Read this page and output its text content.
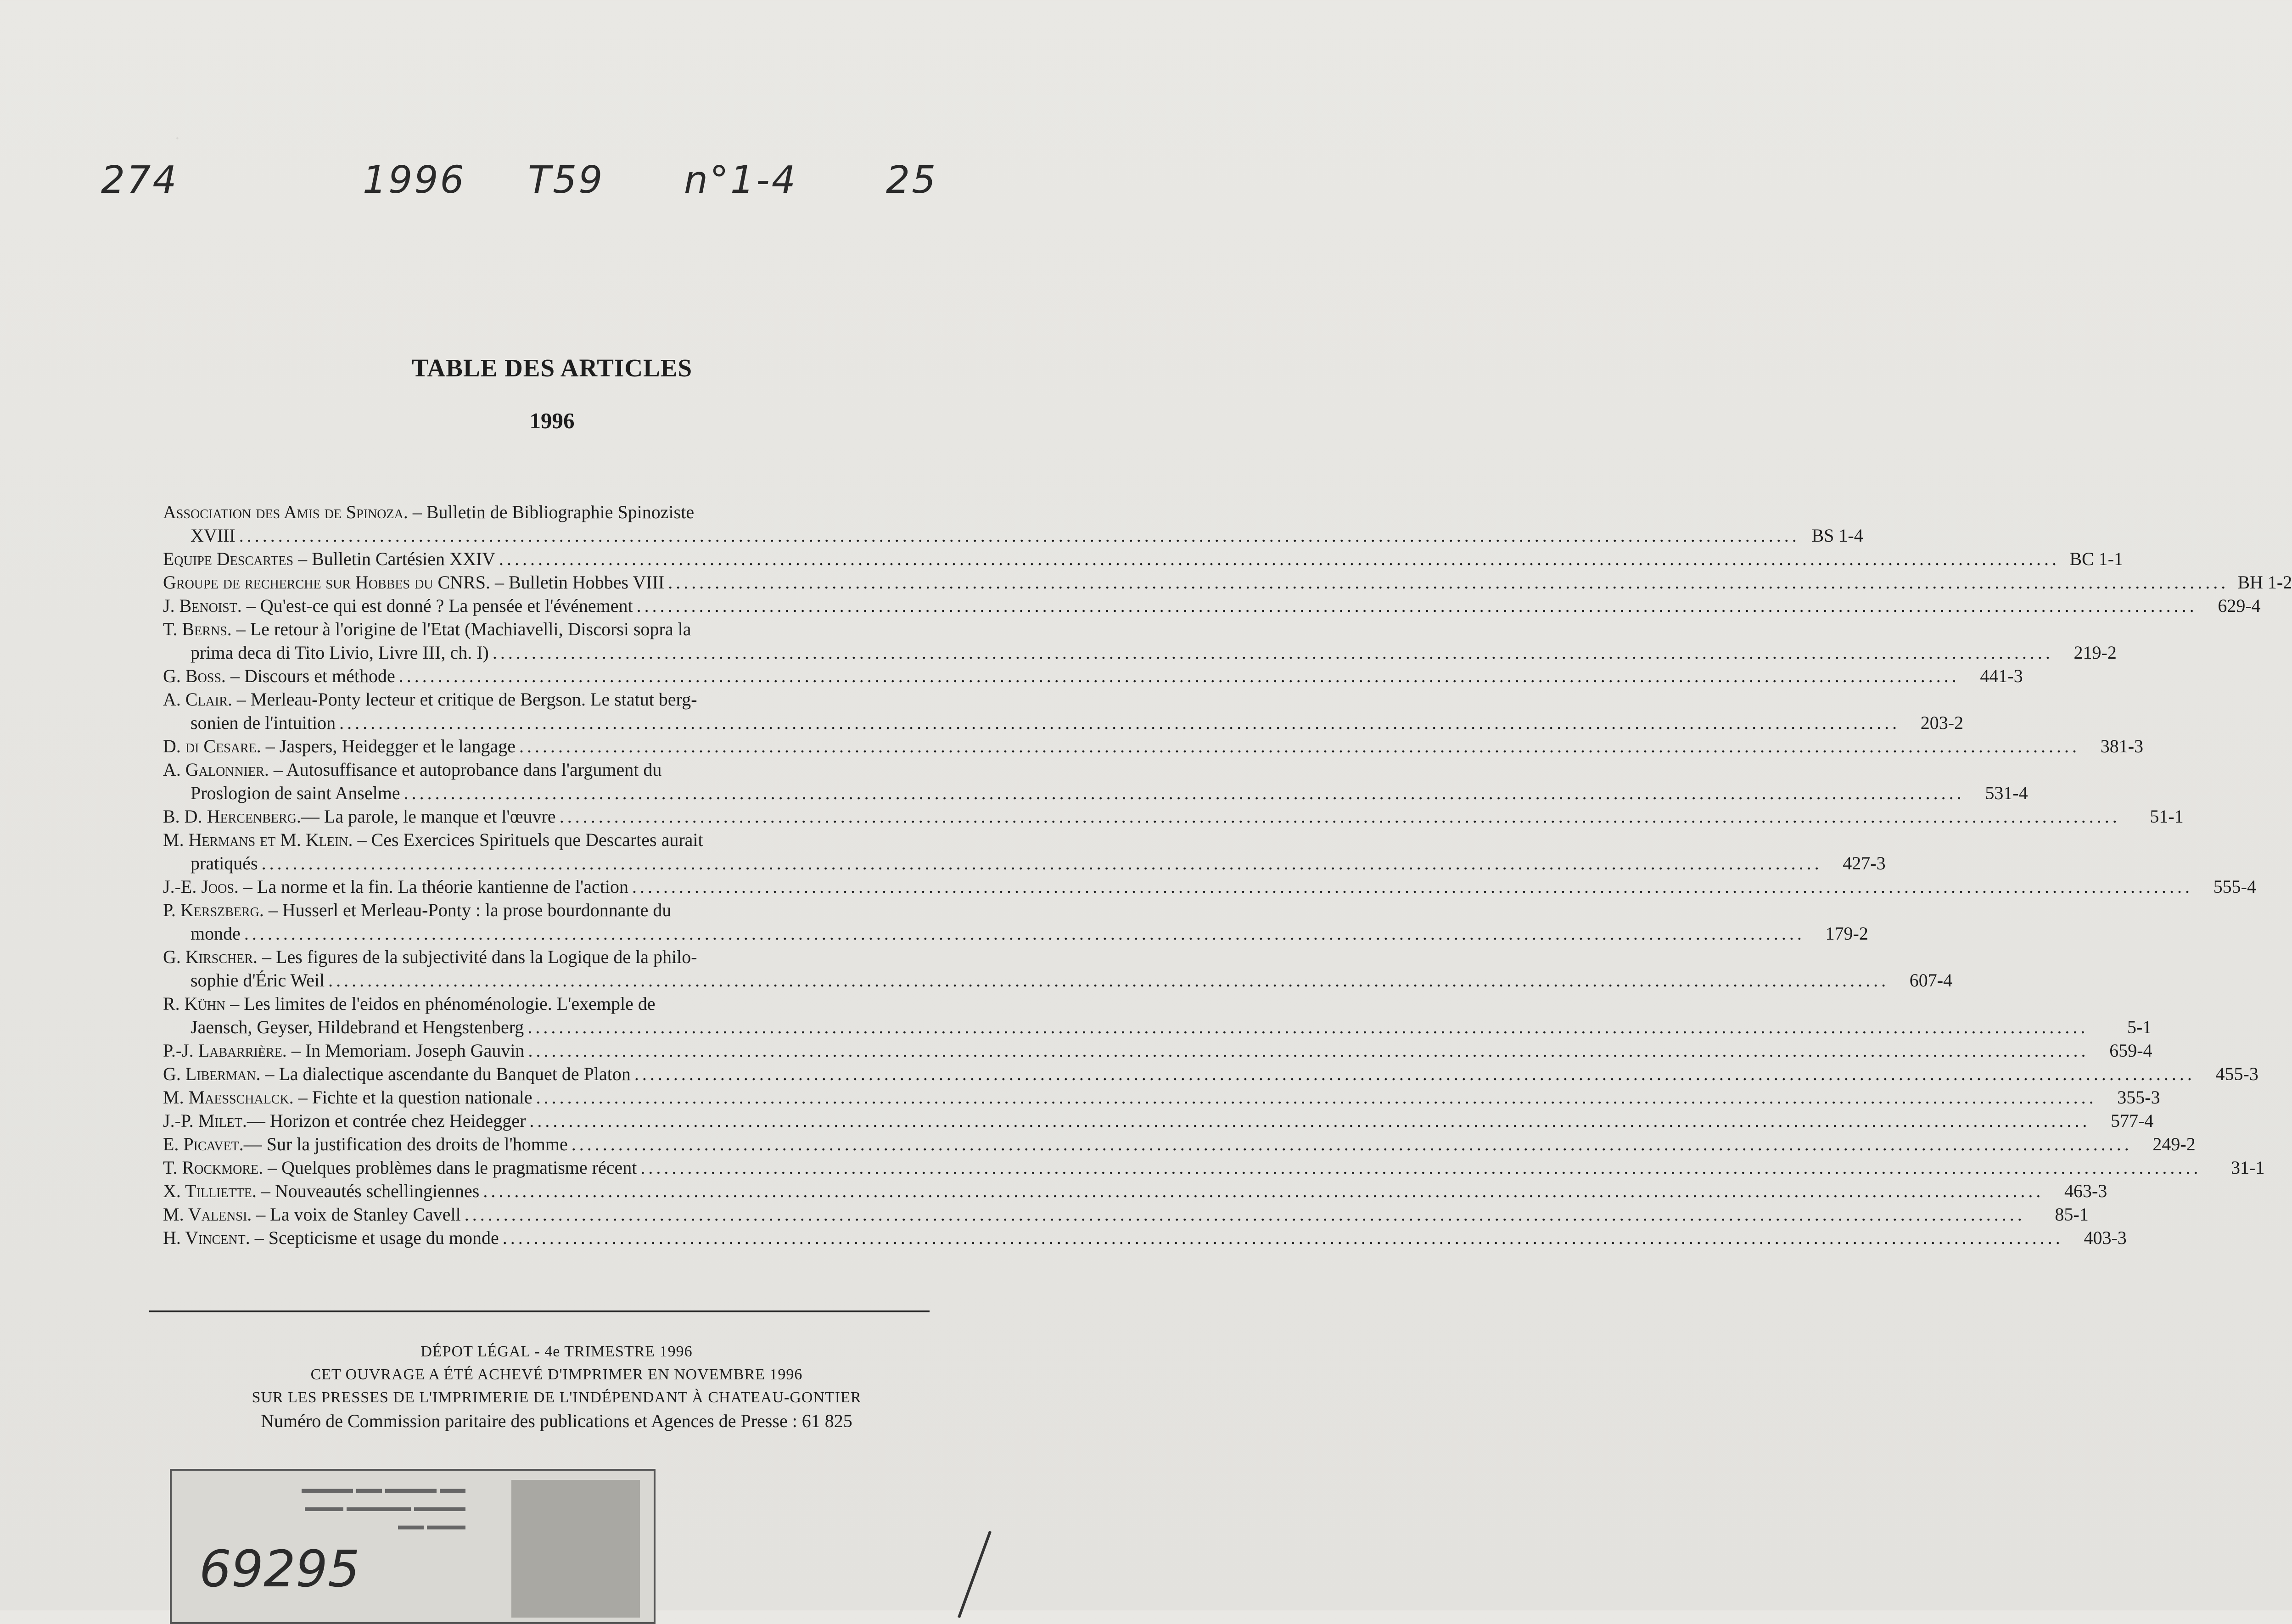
·
274	1996 T59 n°1-4 25
TABLE DES ARTICLES
1996
Association des Amis de Spinoza. – Bulletin de Bibliographie Spinoziste
XVIII ........................................................................................................................................................................................................ BS 1-4
Equipe Descartes – Bulletin Cartésien XXIV ........................................................................................................................................................................................................ BC 1-1
Groupe de recherche sur Hobbes du CNRS. – Bulletin Hobbes VIII ........................................................................................................................................................................................................ BH 1-2
J. Benoist. – Qu'est-ce qui est donné ? La pensée et l'événement ........................................................................................................................................................................................................	629-4
T. Berns. – Le retour à l'origine de l'Etat (Machiavelli, Discorsi sopra la
prima deca di Tito Livio, Livre III, ch. I) ........................................................................................................................................................................................................	219-2
G. Boss. – Discours et méthode ........................................................................................................................................................................................................	441-3
A. Clair. – Merleau-Ponty lecteur et critique de Bergson. Le statut berg-
sonien de l'intuition ........................................................................................................................................................................................................	203-2
D. di Cesare. – Jaspers, Heidegger et le langage ........................................................................................................................................................................................................	381-3
A. Galonnier. – Autosuffisance et autoprobance dans l'argument du
Proslogion de saint Anselme ........................................................................................................................................................................................................	531-4
B. D. Hercenberg.— La parole, le manque et l'œuvre ........................................................................................................................................................................................................	51-1
M. Hermans et M. Klein. – Ces Exercices Spirituels que Descartes aurait
pratiqués ........................................................................................................................................................................................................	427-3
J.-E. Joos. – La norme et la fin. La théorie kantienne de l'action ........................................................................................................................................................................................................	555-4
P. Kerszberg. – Husserl et Merleau-Ponty : la prose bourdonnante du
monde ........................................................................................................................................................................................................	179-2
G. Kirscher. – Les figures de la subjectivité dans la Logique de la philo-
sophie d'Éric Weil ........................................................................................................................................................................................................	607-4
R. Kühn – Les limites de l'eidos en phénoménologie. L'exemple de
Jaensch, Geyser, Hildebrand et Hengstenberg ........................................................................................................................................................................................................	5-1
P.-J. Labarrière. – In Memoriam. Joseph Gauvin ........................................................................................................................................................................................................	659-4
G. Liberman. – La dialectique ascendante du Banquet de Platon ........................................................................................................................................................................................................	455-3
M. Maesschalck. – Fichte et la question nationale ........................................................................................................................................................................................................	355-3
J.-P. Milet.— Horizon et contrée chez Heidegger ........................................................................................................................................................................................................	577-4
E. Picavet.— Sur la justification des droits de l'homme ........................................................................................................................................................................................................	249-2
T. Rockmore. – Quelques problèmes dans le pragmatisme récent ........................................................................................................................................................................................................	31-1
X. Tilliette. – Nouveautés schellingiennes ........................................................................................................................................................................................................	463-3
M. Valensi. – La voix de Stanley Cavell ........................................................................................................................................................................................................	85-1
H. Vincent. – Scepticisme et usage du monde ........................................................................................................................................................................................................	403-3
DÉPOT LÉGAL - 4e TRIMESTRE 1996
CET OUVRAGE A ÉTÉ ACHEVÉ D'IMPRIMER EN NOVEMBRE 1996
SUR LES PRESSES DE L'IMPRIMERIE DE L'INDÉPENDANT À CHATEAU-GONTIER
Numéro de Commission paritaire des publications et Agences de Presse : 61 825
▬▬ ▬▬▬▬ ▬▬ ▬▬▬▬
▬▬▬▬ ▬▬▬▬▬ ▬▬▬
▬▬▬ ▬▬
69295
